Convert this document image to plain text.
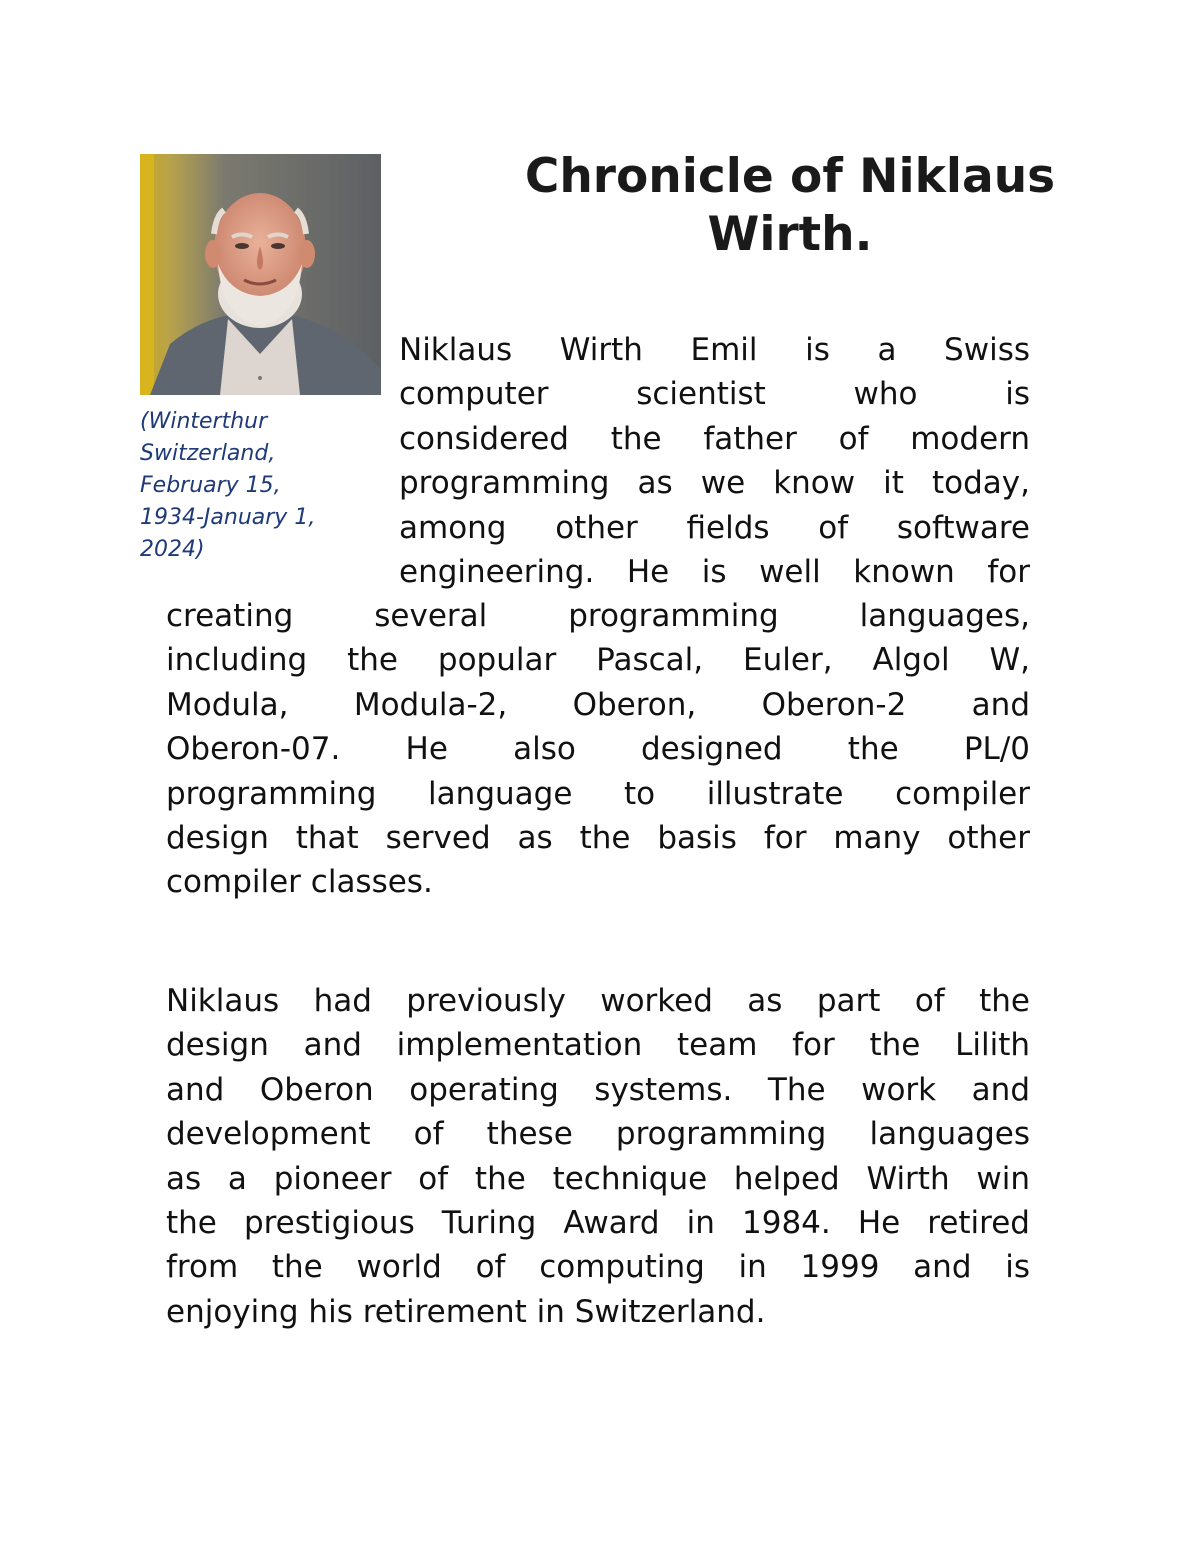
(Winterthur
Switzerland,
February 15,
1934-January 1,
2024)
Chronicle of Niklaus
Wirth.
Niklaus Wirth Emil is a Swiss
computer scientist who is
considered the father of modern
programming as we know it today,
among other fields of software
engineering. He is well known for
creating several programming languages,
including the popular Pascal, Euler, Algol W,
Modula, Modula-2, Oberon, Oberon-2 and
Oberon-07. He also designed the PL/0
programming language to illustrate compiler
design that served as the basis for many other
compiler classes.
Niklaus had previously worked as part of the
design and implementation team for the Lilith
and Oberon operating systems. The work and
development of these programming languages
as a pioneer of the technique helped Wirth win
the prestigious Turing Award in 1984. He retired
from the world of computing in 1999 and is
enjoying his retirement in Switzerland.
